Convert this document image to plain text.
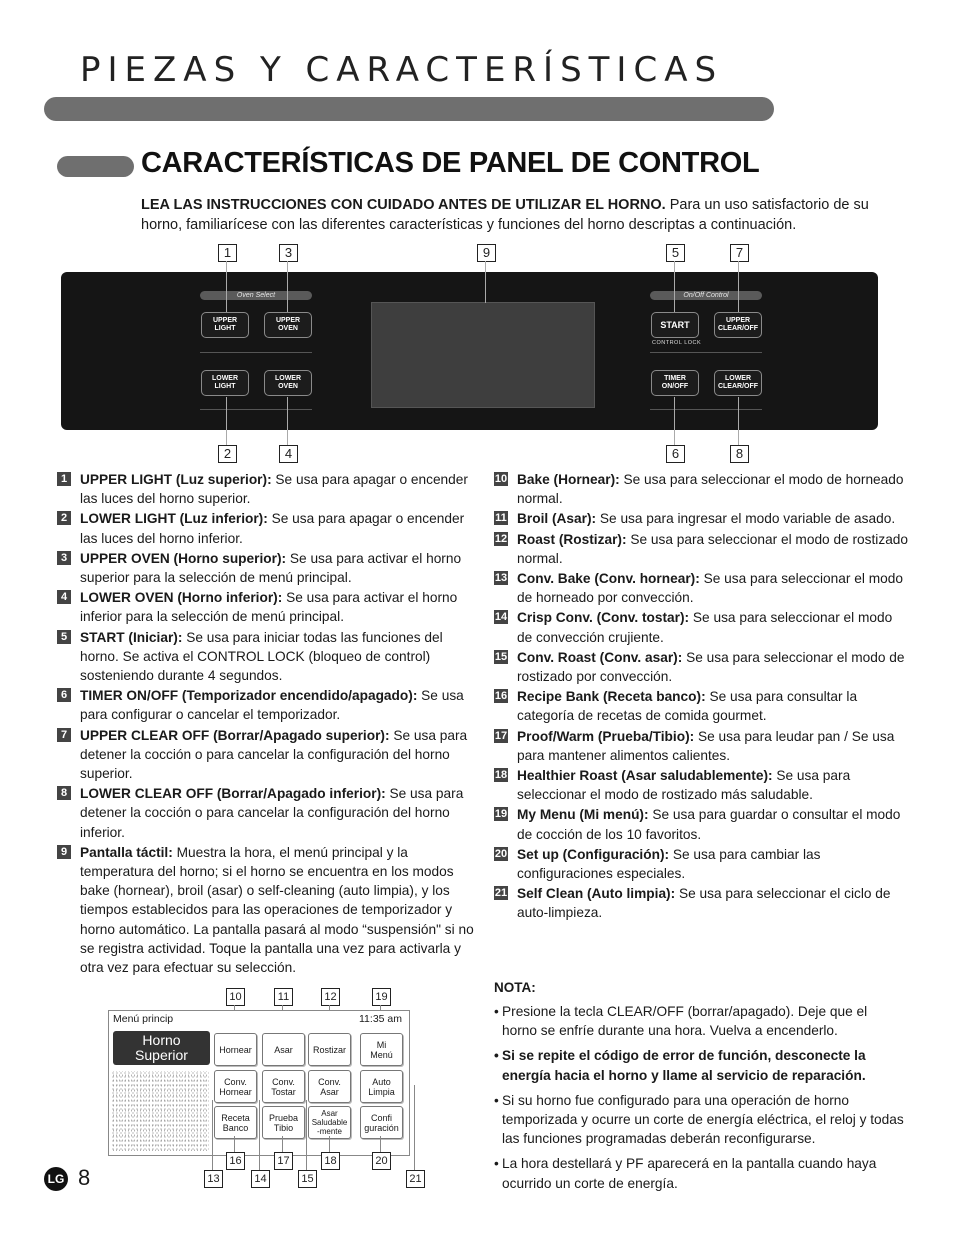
PIEZAS Y CARACTERÍSTICAS
CARACTERÍSTICAS DE PANEL DE CONTROL
LEA LAS INSTRUCCIONES CON CUIDADO ANTES DE UTILIZAR EL HORNO. Para un uso satisfactorio de su horno, familiarícese con las diferentes características y funciones del horno descriptas a continuación.
1	3	9	5	7
Oven Select	On/Off Control
UPPER
LIGHT
UPPER
OVEN	START	UPPER
CLEAR/OFF
CONTROL LOCK
LOWER
LIGHT
LOWER
OVEN
TIMER
ON/OFF
LOWER
CLEAR/OFF
2	4	6	8
1 UPPER LIGHT (Luz superior): Se usa para apagar o encender las luces del horno superior.
2 LOWER LIGHT (Luz inferior): Se usa para apagar o encender las luces del horno inferior.
3 UPPER OVEN (Horno superior): Se usa para activar el horno superior para la selección de menú principal.
4 LOWER OVEN (Horno inferior): Se usa para activar el horno inferior para la selección de menú principal.
5 START (Iniciar): Se usa para iniciar todas las funciones del horno. Se activa el CONTROL LOCK (bloqueo de control) sosteniendo durante 4 segundos.
6 TIMER ON/OFF (Temporizador encendido/apagado): Se usa para configurar o cancelar el temporizador.
7 UPPER CLEAR OFF (Borrar/Apagado superior): Se usa para detener la cocción o para cancelar la configuración del horno superior.
8 LOWER CLEAR OFF (Borrar/Apagado inferior): Se usa para detener la cocción o para cancelar la configuración del horno inferior.
9 Pantalla táctil: Muestra la hora, el menú principal y la temperatura del horno; si el horno se encuentra en los modos bake (hornear), broil (asar) o self-cleaning (auto limpia), y los tiempos establecidos para las operaciones de temporizador y horno automático. La pantalla pasará al modo “suspensión" si no se registra actividad. Toque la pantalla una vez para activarla y otra vez para efectuar su selección.
10 Bake (Hornear): Se usa para seleccionar el modo de horneado normal.
11 Broil (Asar): Se usa para ingresar el modo variable de asado.
12 Roast (Rostizar): Se usa para seleccionar el modo de rostizado normal.
13 Conv. Bake (Conv. hornear): Se usa para seleccionar el modo de horneado por convección.
14 Crisp Conv. (Conv. tostar): Se usa para seleccionar el modo de convección crujiente.
15 Conv. Roast (Conv. asar): Se usa para seleccionar el modo de rostizado por convección.
16 Recipe Bank (Receta banco): Se usa para consultar la categoría de recetas de comida gourmet.
17 Proof/Warm (Prueba/Tibio): Se usa para leudar pan / Se usa para mantener alimentos calientes.
18 Healthier Roast (Asar saludablemente): Se usa para seleccionar el modo de rostizado más saludable.
19 My Menu (Mi menú): Se usa para guardar o consultar el modo de cocción de los 10 favoritos.
20 Set up (Configuración): Se usa para cambiar las configuraciones especiales.
21 Self Clean (Auto limpia): Se usa para seleccionar el ciclo de auto-limpieza.
NOTA:
• Presione la tecla CLEAR/OFF (borrar/apagado). Deje que el horno se enfríe durante una hora. Vuelva a encenderlo.
• Si se repite el código de error de función, desconecte la energía hacia el horno y llame al servicio de reparación.
• Si su horno fue configurado para una operación de horno temporizada y ocurre un corte de energía eléctrica, el reloj y todas las funciones programadas deberán reconfigurarse.
• La hora destellará y PF aparecerá en la pantalla cuando haya ocurrido un corte de energía.
10	11	12	19
Menú princip	11:35 am
Horno
Superior	Hornear	Asar	Rostizar	Mi
Menú
Conv.
Hornear
Conv.
Tostar
Conv.
Asar
Auto
Limpia
Receta
Banco
Prueba
Tibio
Asar
Saludable
-mente
Confi
guración
16	17	18	20
13	14	15	21
LG 8
